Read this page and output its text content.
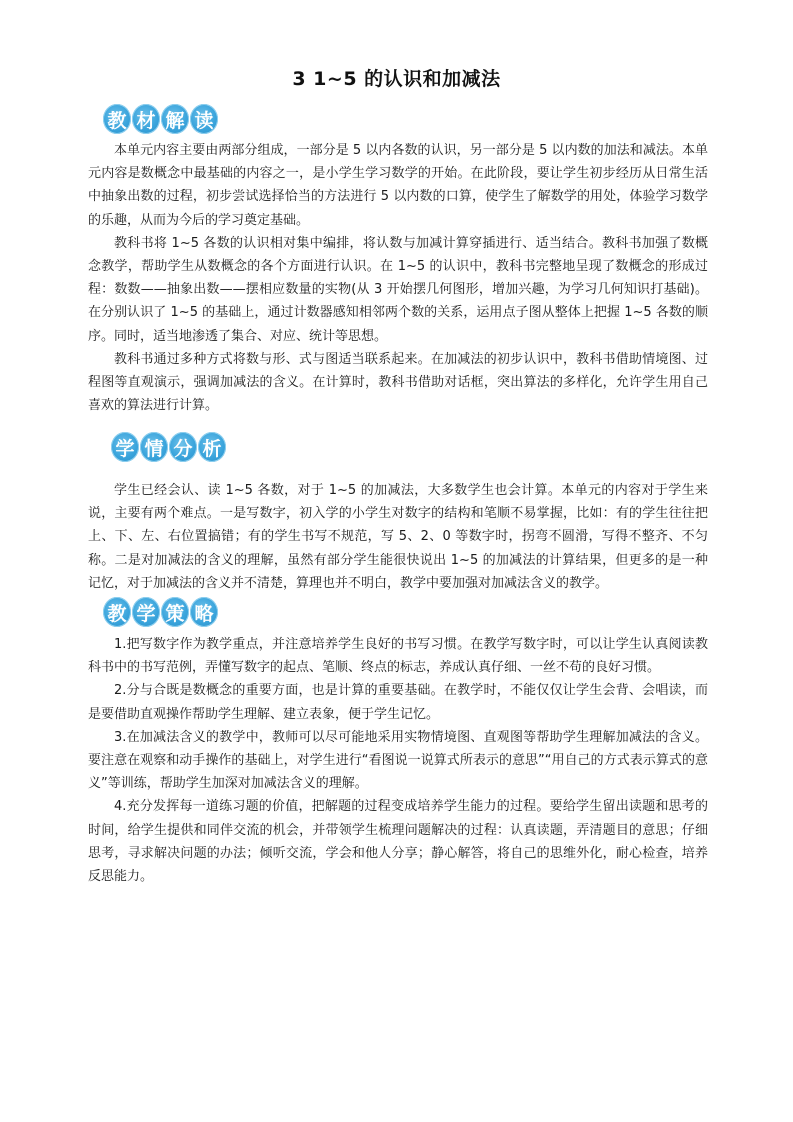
3 1~5 的认识和加减法
教 材 解 读

本单元内容主要由两部分组成，一部分是 5 以内各数的认识，另一部分是 5 以内数的加法和减法。本单元内容是数概念中最基础的内容之一，是小学生学习数学的开始。在此阶段，要让学生初步经历从日常生活中抽象出数的过程，初步尝试选择恰当的方法进行 5 以内数的口算，使学生了解数学的用处，体验学习数学的乐趣，从而为今后的学习奠定基础。

教科书将 1~5 各数的认识相对集中编排，将认数与加减计算穿插进行、适当结合。教科书加强了数概念教学，帮助学生从数概念的各个方面进行认识。在 1~5 的认识中，教科书完整地呈现了数概念的形成过程：数数——抽象出数——摆相应数量的实物(从 3 开始摆几何图形，增加兴趣，为学习几何知识打基础)。在分别认识了 1~5 的基础上，通过计数器感知相邻两个数的关系，运用点子图从整体上把握 1~5 各数的顺序。同时，适当地渗透了集合、对应、统计等思想。

教科书通过多种方式将数与形、式与图适当联系起来。在加减法的初步认识中，教科书借助情境图、过程图等直观演示，强调加减法的含义。在计算时，教科书借助对话框，突出算法的多样化，允许学生用自己喜欢的算法进行计算。

学 情 分 析

学生已经会认、读 1~5 各数，对于 1~5 的加减法，大多数学生也会计算。本单元的内容对于学生来说，主要有两个难点。一是写数字，初入学的小学生对数字的结构和笔顺不易掌握，比如：有的学生往往把上、下、左、右位置搞错；有的学生书写不规范，写 5、2、0 等数字时，拐弯不圆滑，写得不整齐、不匀称。二是对加减法的含义的理解，虽然有部分学生能很快说出 1~5 的加减法的计算结果，但更多的是一种记忆，对于加减法的含义并不清楚，算理也并不明白，教学中要加强对加减法含义的教学。

教 学 策 略

1.把写数字作为教学重点，并注意培养学生良好的书写习惯。在教学写数字时，可以让学生认真阅读教科书中的书写范例，弄懂写数字的起点、笔顺、终点的标志，养成认真仔细、一丝不苟的良好习惯。

2.分与合既是数概念的重要方面，也是计算的重要基础。在教学时，不能仅仅让学生会背、会唱读，而是要借助直观操作帮助学生理解、建立表象，便于学生记忆。

3.在加减法含义的教学中，教师可以尽可能地采用实物情境图、直观图等帮助学生理解加减法的含义。要注意在观察和动手操作的基础上，对学生进行“看图说一说算式所表示的意思”“用自己的方式表示算式的意义”等训练，帮助学生加深对加减法含义的理解。

4.充分发挥每一道练习题的价值，把解题的过程变成培养学生能力的过程。要给学生留出读题和思考的时间，给学生提供和同伴交流的机会，并带领学生梳理问题解决的过程：认真读题，弄清题目的意思；仔细思考，寻求解决问题的办法；倾听交流，学会和他人分享；静心解答，将自己的思维外化，耐心检查，培养反思能力。
